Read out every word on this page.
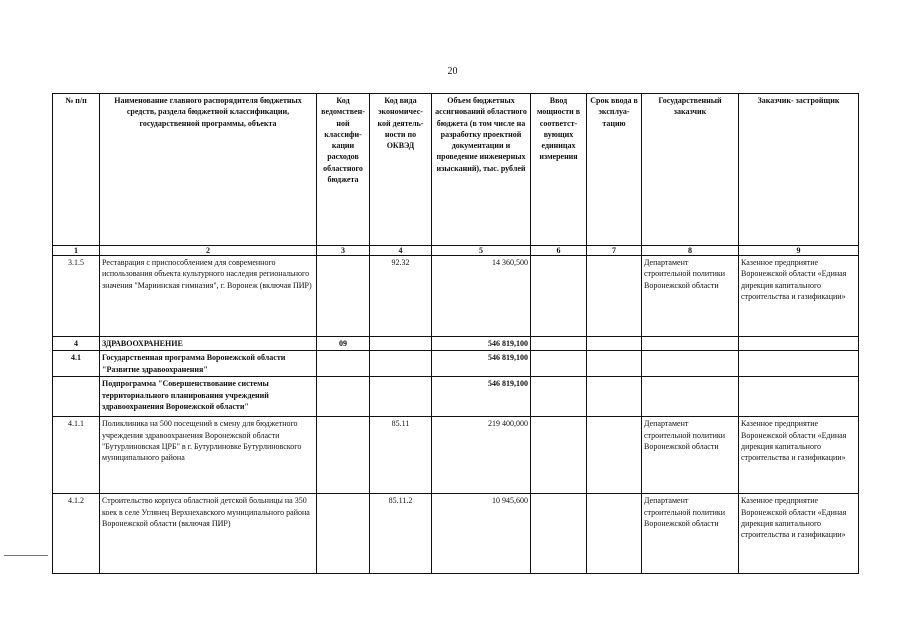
20
№ п/п	Наименование главного распорядителя бюджетных средств, раздела бюджетной классификации, государственной программы, объекта	Код ведомствен- ной классифи- кации расходов областного бюджета	Код вида экономичес- кой деятель- ности по ОКВЭД	Объем бюджетных ассигнований областного бюджета (в том числе на разработку проектной документации и проведение инженерных изысканий), тыс. рублей	Ввод мощности в соответст- вующих единицах измерения	Срок ввода в эксплуа- тацию	Государственный заказчик	Заказчик- застройщик
1	2	3	4	5	6	7	8	9
3.1.5	Реставрация с приспособлением для современного использования объекта культурного наследия регионального значения "Мариинская гимназия", г. Воронеж (включая ПИР)		92.32	14 360,500			Департамент строительной политики Воронежской области	Казенное предприятие Воронежской области «Единая дирекция капитального строительства и газификации»
4	ЗДРАВООХРАНЕНИЕ	09		546 819,100				
4.1	Государственная программа Воронежской области "Развитие здравоохранения"			546 819,100				
	Подпрограмма "Совершенствование системы территориального планирования учреждений здравоохранения Воронежской области"			546 819,100				
4.1.1	Поликлиника на 500 посещений в смену для бюджетного учреждения здравоохранения Воронежской области "Бутурлиновская ЦРБ" в г. Бутурлиновке Бутурлиновского муниципального района		85.11	219 400,000			Департамент строительной политики Воронежской области	Казенное предприятие Воронежской области «Единая дирекция капитального строительства и газификации»
4.1.2	Строительство корпуса областной детской больницы на 350 коек в селе Углянец Верхнехавского муниципального района Воронежской области (включая ПИР)		85.11.2	10 945,600			Департамент строительной политики Воронежской области	Казенное предприятие Воронежской области «Единая дирекция капитального строительства и газификации»
